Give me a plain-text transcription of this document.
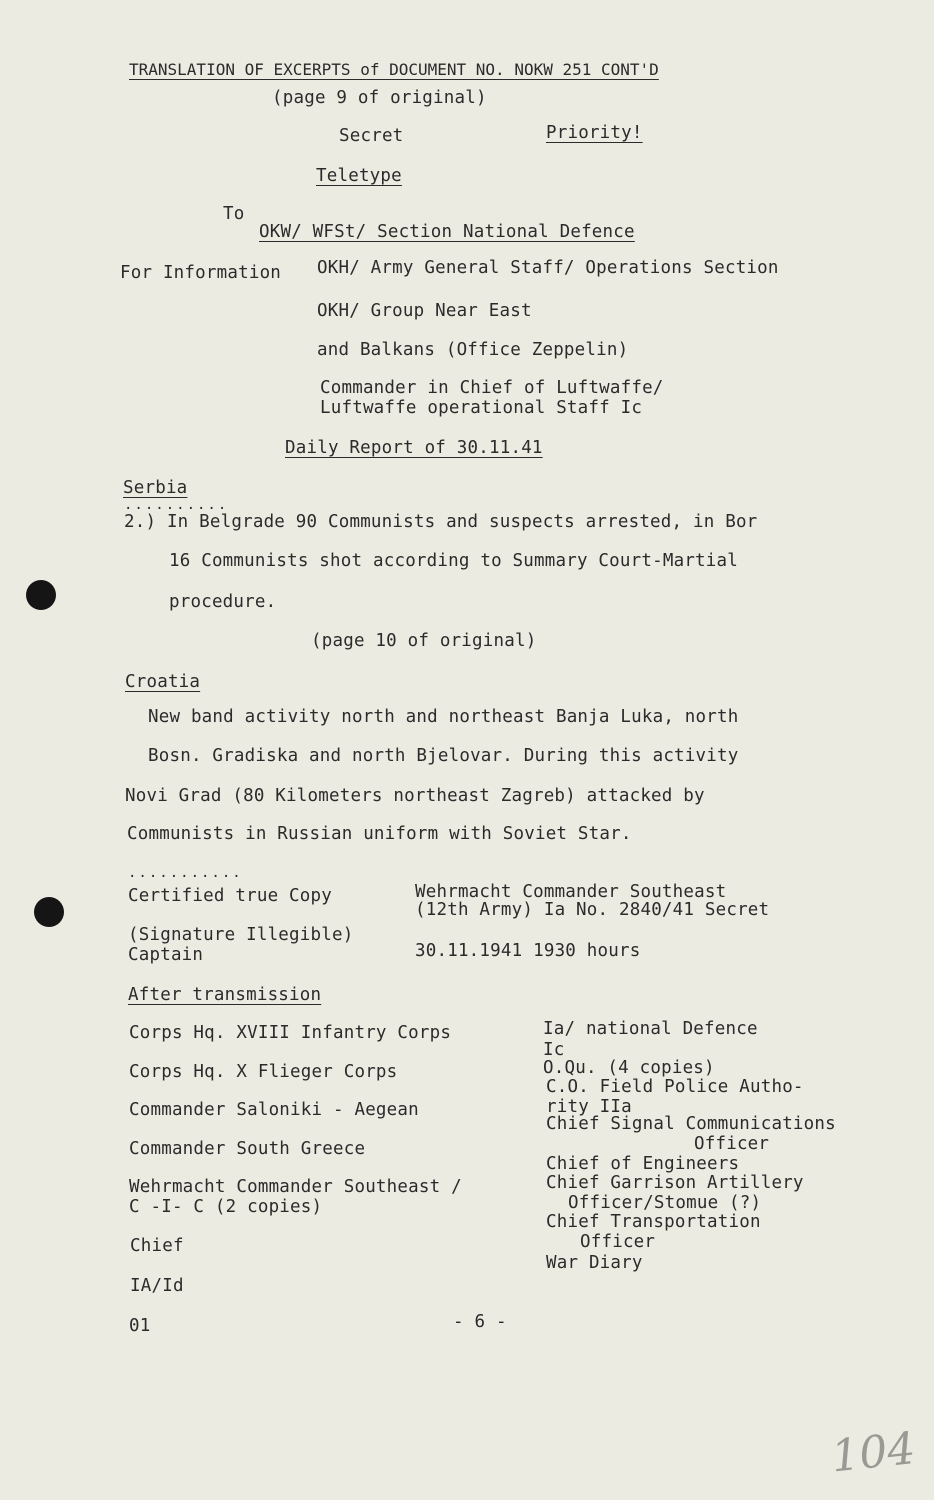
TRANSLATION OF EXCERPTS of DOCUMENT NO. NOKW 251 CONT'D
(page 9 of original)
Secret	Priority!
Teletype
To
OKW/ WFSt/ Section National Defence
For Information OKH/ Army General Staff/ Operations Section
OKH/ Group Near East
and Balkans (Office Zeppelin)
Commander in Chief of Luftwaffe/
Luftwaffe operational Staff Ic
Daily Report of 30.11.41
Serbia
..........
2.) In Belgrade 90 Communists and suspects arrested, in Bor
16 Communists shot according to Summary Court-Martial
procedure.
(page 10 of original)
Croatia
New band activity north and northeast Banja Luka, north
Bosn. Gradiska and north Bjelovar. During this activity
Novi Grad (80 Kilometers northeast Zagreb) attacked by
Communists in Russian uniform with Soviet Star.
...........
Certified true Copy
(Signature Illegible)
Captain
Wehrmacht Commander Southeast
(12th Army) Ia No. 2840/41 Secret
30.11.1941 1930 hours
After transmission
Corps Hq. XVIII Infantry Corps
Corps Hq. X Flieger Corps
Commander Saloniki - Aegean
Commander South Greece
Wehrmacht Commander Southeast /
C -I- C (2 copies)
Chief
IA/Id
Ia/ national Defence
Ic
O.Qu. (4 copies)
C.O. Field Police Autho-
rity IIa
Chief Signal Communications
Officer
Chief of Engineers
Chief Garrison Artillery
Officer/Stomue (?)
Chief Transportation
Officer
War Diary
01	- 6 -
104
